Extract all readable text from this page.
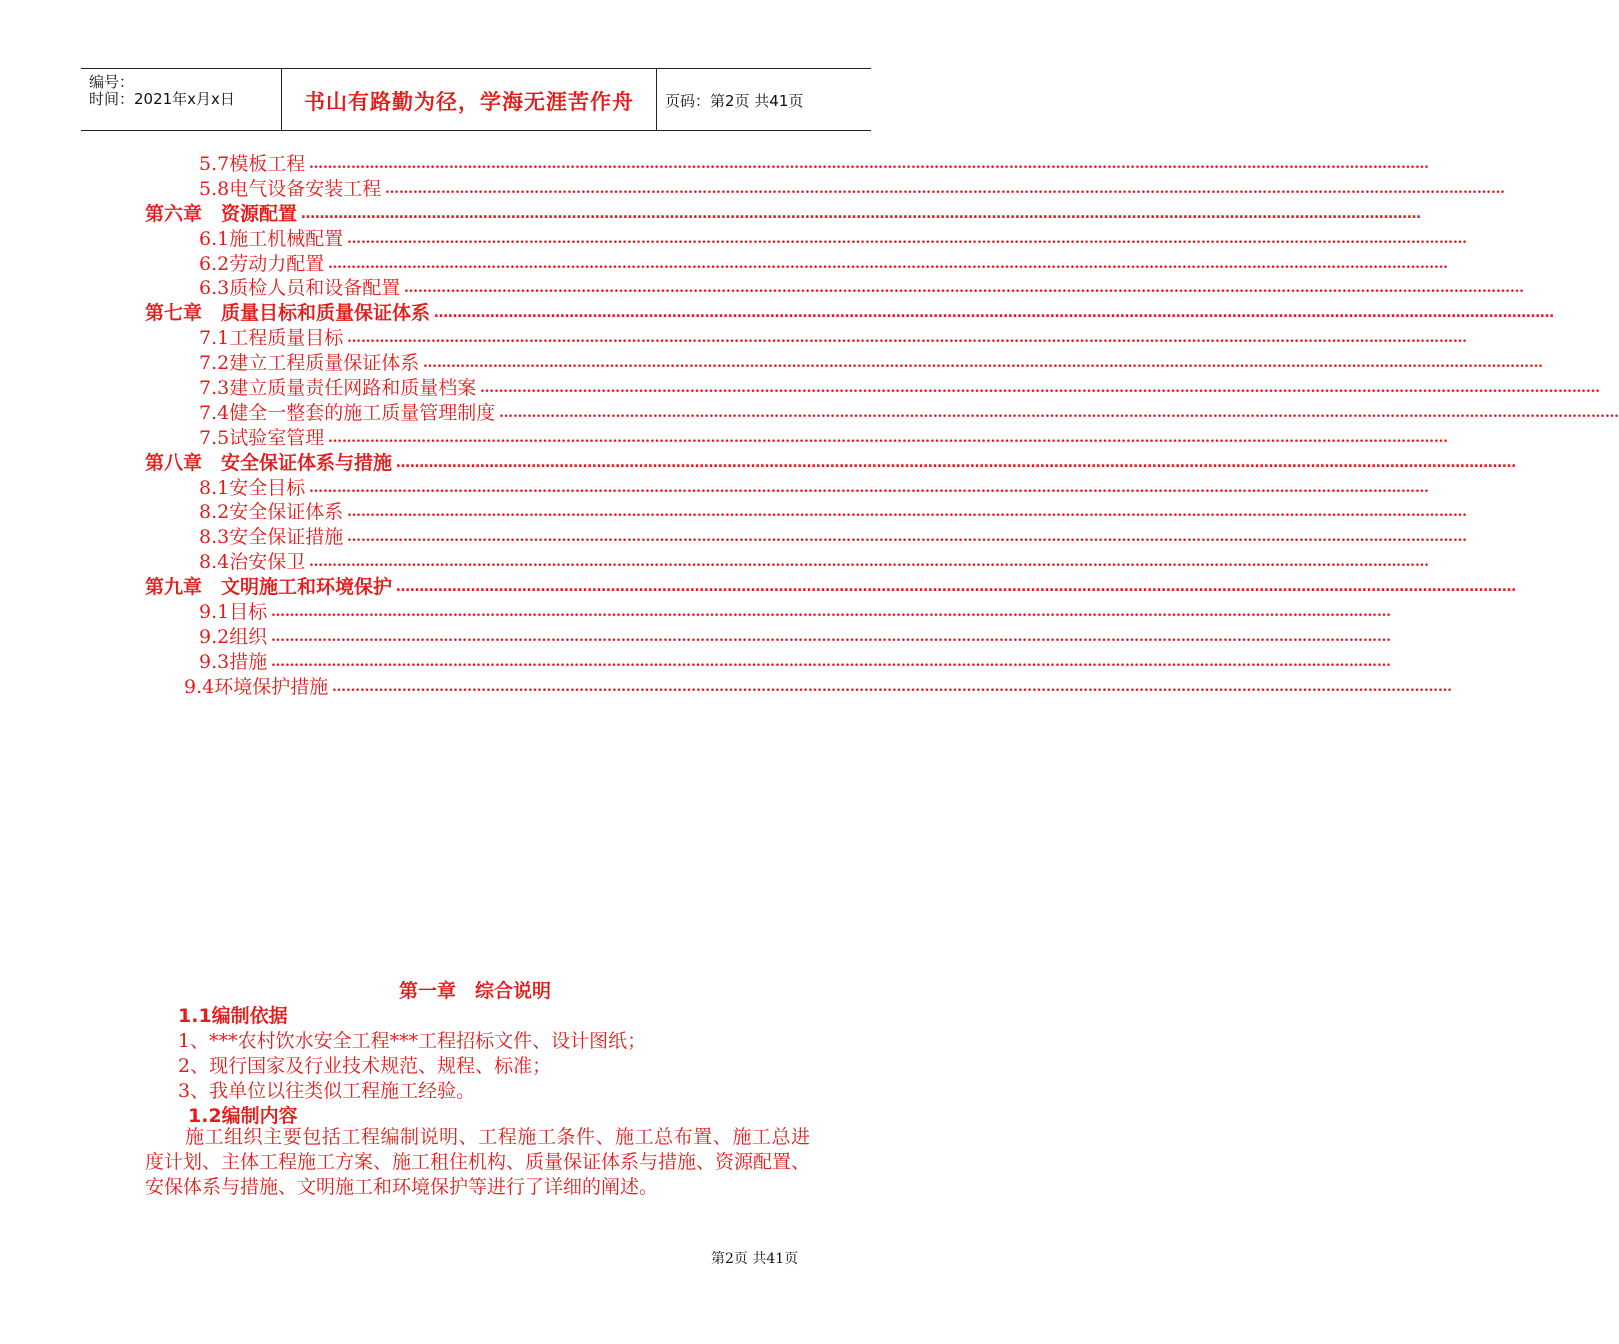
编号：
时间：2021年x月x日	书山有路勤为径，学海无涯苦作舟	页码：第2页 共41页
5.7模板工程 ……………………………………………………………………………………………………………………………………………………………………………………………………………………
5.8电气设备安装工程 ……………………………………………………………………………………………………………………………………………………………………………………………………………………
第六章　资源配置 ……………………………………………………………………………………………………………………………………………………………………………………………………………………
6.1施工机械配置 ……………………………………………………………………………………………………………………………………………………………………………………………………………………
6.2劳动力配置 ……………………………………………………………………………………………………………………………………………………………………………………………………………………
6.3质检人员和设备配置 ……………………………………………………………………………………………………………………………………………………………………………………………………………………
第七章　质量目标和质量保证体系 ……………………………………………………………………………………………………………………………………………………………………………………………………………………
7.1工程质量目标 ……………………………………………………………………………………………………………………………………………………………………………………………………………………
7.2建立工程质量保证体系 ……………………………………………………………………………………………………………………………………………………………………………………………………………………
7.3建立质量责任网路和质量档案 ……………………………………………………………………………………………………………………………………………………………………………………………………………………
7.4健全一整套的施工质量管理制度 ……………………………………………………………………………………………………………………………………………………………………………………………………………………
7.5试验室管理 ……………………………………………………………………………………………………………………………………………………………………………………………………………………
第八章　安全保证体系与措施 ……………………………………………………………………………………………………………………………………………………………………………………………………………………
8.1安全目标 ……………………………………………………………………………………………………………………………………………………………………………………………………………………
8.2安全保证体系 ……………………………………………………………………………………………………………………………………………………………………………………………………………………
8.3安全保证措施 ……………………………………………………………………………………………………………………………………………………………………………………………………………………
8.4治安保卫 ……………………………………………………………………………………………………………………………………………………………………………………………………………………
第九章　文明施工和环境保护 ……………………………………………………………………………………………………………………………………………………………………………………………………………………
9.1目标 ……………………………………………………………………………………………………………………………………………………………………………………………………………………
9.2组织 ……………………………………………………………………………………………………………………………………………………………………………………………………………………
9.3措施 ……………………………………………………………………………………………………………………………………………………………………………………………………………………
9.4环境保护措施 ……………………………………………………………………………………………………………………………………………………………………………………………………………………
第一章　综合说明
1.1编制依据
1、***农村饮水安全工程***工程招标文件、设计图纸；
2、现行国家及行业技术规范、规程、标准；
3、我单位以往类似工程施工经验。
1.2编制内容
施工组织主要包括工程编制说明、工程施工条件、施工总布置、施工总进度计划、主体工程施工方案、施工租住机构、质量保证体系与措施、资源配置、安保体系与措施、文明施工和环境保护等进行了详细的阐述。
第2页 共41页
